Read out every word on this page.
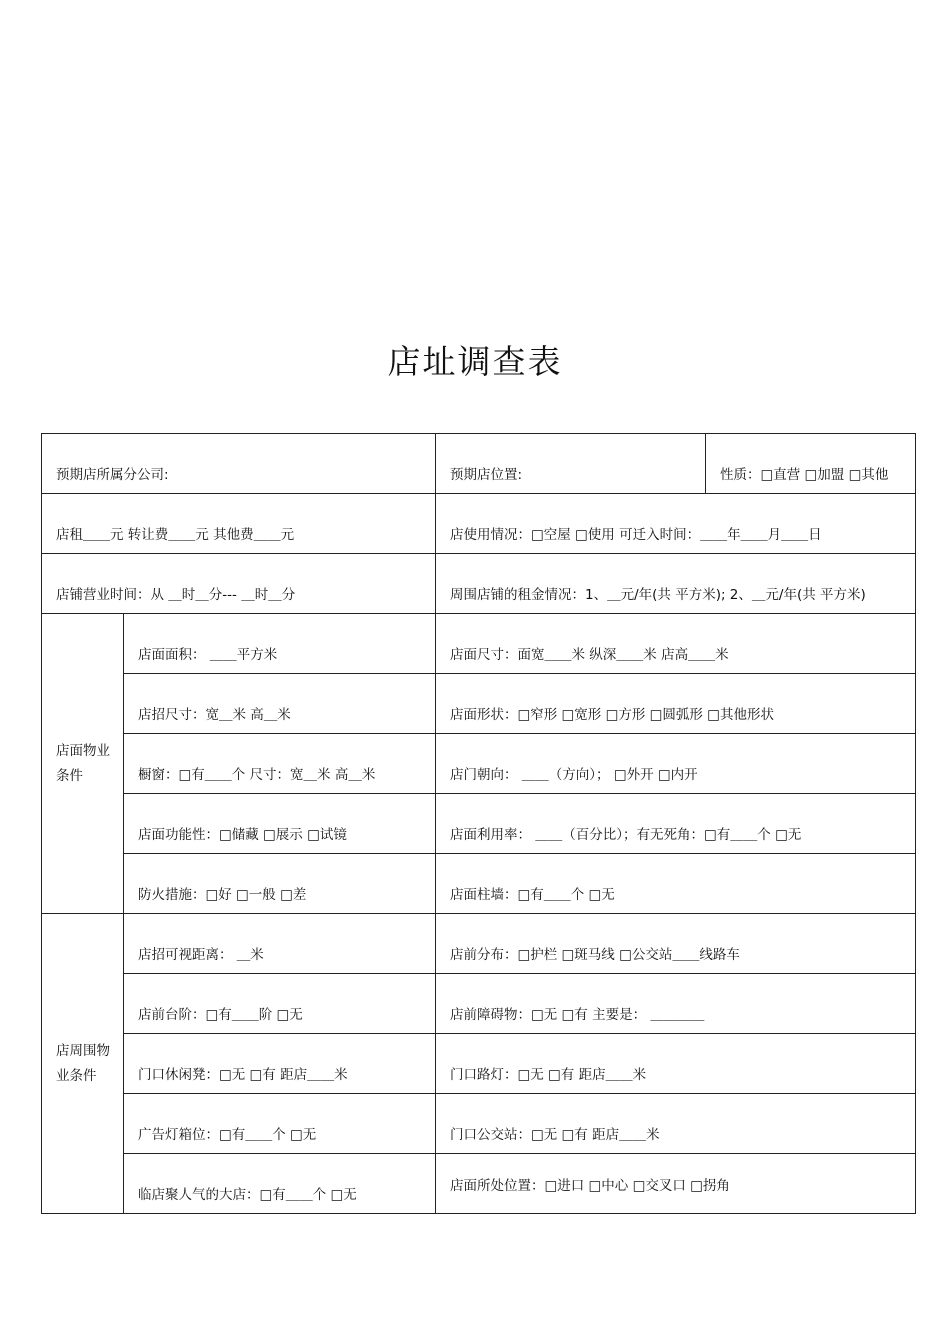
店址调查表
预期店所属分公司:		预期店位置:	性质：□直营 □加盟 □其他
店租＿＿元 转让费＿＿元 其他费＿＿元		店使用情况：□空屋 □使用 可迁入时间：＿＿年＿＿月＿＿日	
店铺营业时间：从 ＿时＿分--- ＿时＿分		周围店铺的租金情况：1、＿元/年(共 平方米); 2、＿元/年(共 平方米)	
店面物业条件	店面面积： ＿＿平方米	店面尺寸：面宽＿＿米 纵深＿＿米 店高＿＿米	
	店招尺寸：宽＿米 高＿米	店面形状：□窄形 □宽形 □方形 □圆弧形 □其他形状	
	橱窗：□有＿＿个 尺寸：宽＿米 高＿米	店门朝向： ＿＿（方向）； □外开 □内开	
	店面功能性：□储藏 □展示 □试镜	店面利用率： ＿＿（百分比）；有无死角：□有＿＿个 □无	
	防火措施：□好 □一般 □差	店面柱墙：□有＿＿个 □无	
店周围物业条件	店招可视距离： ＿米	店前分布：□护栏 □斑马线 □公交站＿＿线路车	
	店前台阶：□有＿＿阶 □无	店前障碍物：□无 □有 主要是： ＿＿＿＿	
	门口休闲凳：□无 □有 距店＿＿米	门口路灯：□无 □有 距店＿＿米	
	广告灯箱位：□有＿＿个 □无	门口公交站：□无 □有 距店＿＿米	
	临店聚人气的大店：□有＿＿个 □无	店面所处位置：□进口 □中心 □交叉口 □拐角	
